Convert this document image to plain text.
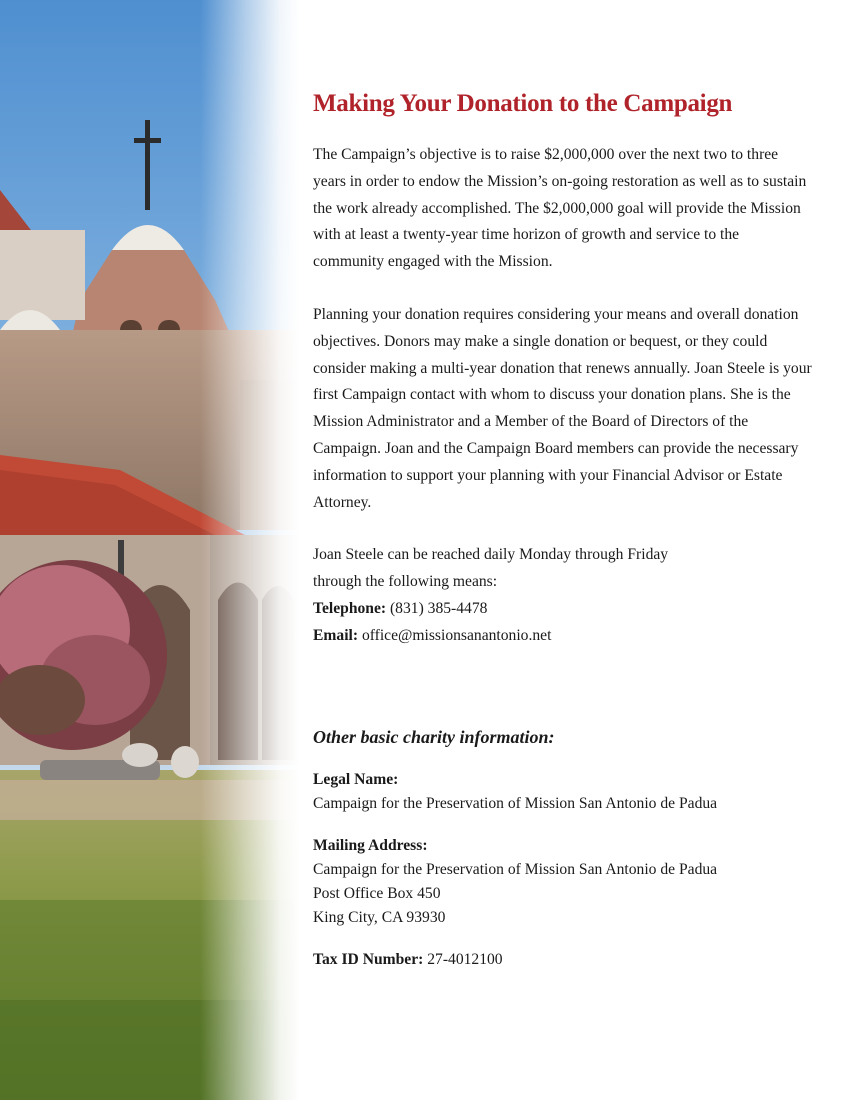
Making Your Donation to the Campaign

The Campaign’s objective is to raise $2,000,000 over the next two to three years in order to endow the Mission’s on-going restoration as well as to sustain the work already accomplished. The $2,000,000 goal will provide the Mission with at least a twenty-year time horizon of growth and service to the community engaged with the Mission.

Planning your donation requires considering your means and overall donation objectives. Donors may make a single donation or bequest, or they could consider making a multi-year donation that renews annually. Joan Steele is your first Campaign contact with whom to discuss your donation plans. She is the Mission Administrator and a Member of the Board of Directors of the Campaign. Joan and the Campaign Board members can provide the necessary information to support your planning with your Financial Advisor or Estate Attorney.

Joan Steele can be reached daily Monday through Friday
through the following means:
Telephone: (831) 385-4478
Email: office@missionsanantonio.net
Other basic charity information:
Legal Name:
Campaign for the Preservation of Mission San Antonio de Padua
Mailing Address:
Campaign for the Preservation of Mission San Antonio de Padua
Post Office Box 450
King City, CA 93930
Tax ID Number: 27-4012100
